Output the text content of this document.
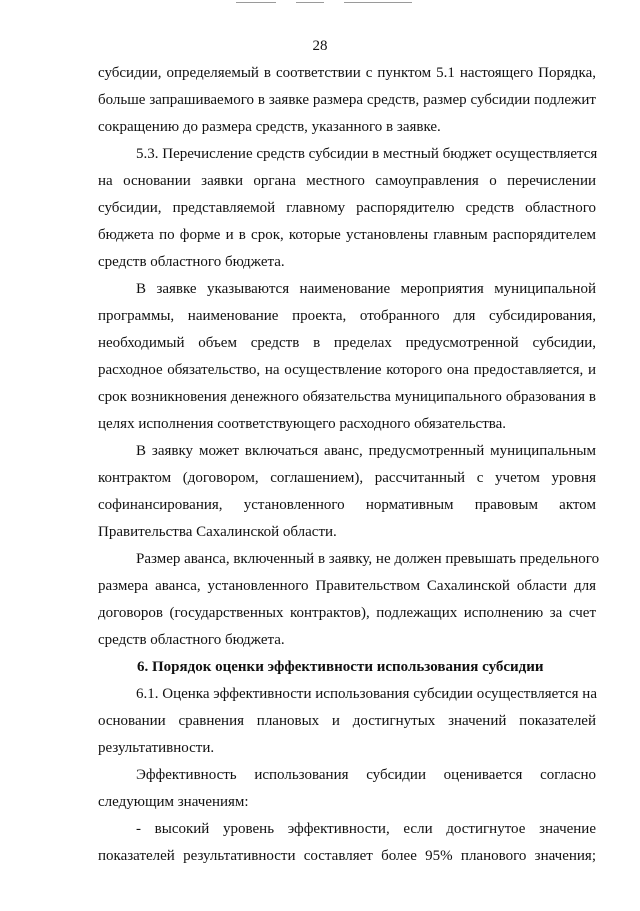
28
субсидии, определяемый в соответствии с пунктом 5.1 настоящего Порядка,
больше запрашиваемого в заявке размера средств, размер субсидии подлежит
сокращению до размера средств, указанного в заявке.
5.3. Перечисление средств субсидии в местный бюджет осуществляется
на основании заявки органа местного самоуправления о перечислении
субсидии, представляемой главному распорядителю средств областного
бюджета по форме и в срок, которые установлены главным распорядителем
средств областного бюджета.
В заявке указываются наименование мероприятия муниципальной
программы, наименование проекта, отобранного для субсидирования,
необходимый объем средств в пределах предусмотренной субсидии,
расходное обязательство, на осуществление которого она предоставляется, и
срок возникновения денежного обязательства муниципального образования в
целях исполнения соответствующего расходного обязательства.
В заявку может включаться аванс, предусмотренный муниципальным
контрактом (договором, соглашением), рассчитанный с учетом уровня
софинансирования, установленного нормативным правовым актом
Правительства Сахалинской области.
Размер аванса, включенный в заявку, не должен превышать предельного
размера аванса, установленного Правительством Сахалинской области для
договоров (государственных контрактов), подлежащих исполнению за счет
средств областного бюджета.
6. Порядок оценки эффективности использования субсидии
6.1. Оценка эффективности использования субсидии осуществляется на
основании сравнения плановых и достигнутых значений показателей
результативности.
Эффективность использования субсидии оценивается согласно
следующим значениям:
- высокий уровень эффективности, если достигнутое значение
показателей результативности составляет более 95% планового значения;
